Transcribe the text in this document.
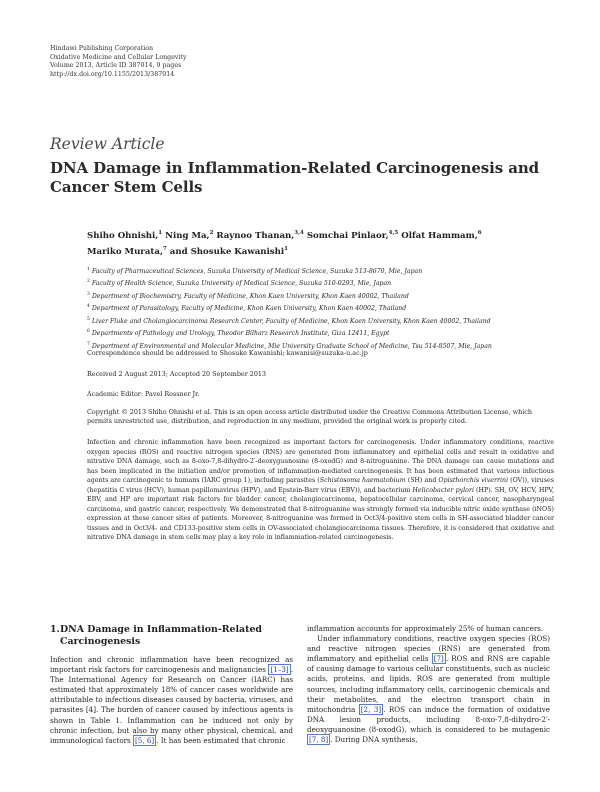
Hindawi Publishing Corporation
Oxidative Medicine and Cellular Longevity
Volume 2013, Article ID 387014, 9 pages
http://dx.doi.org/10.1155/2013/387014
Review Article
DNA Damage in Inflammation-Related Carcinogenesis and Cancer Stem Cells
Shiho Ohnishi,$^1$ Ning Ma,$^2$ Raynoo Thanan,$^{3,4}$ Somchai Pinlaor,$^{4,5}$ Olfat Hammam,$^6$
Mariko Murata,$^7$ and Shosuke Kawanishi$^1$
$^1$ Faculty of Pharmaceutical Sciences, Suzuka University of Medical Science, Suzuka 513-8670, Mie, Japan
$^2$ Faculty of Health Science, Suzuka University of Medical Science, Suzuka 510-0293, Mie, Japan
$^3$ Department of Biochemistry, Faculty of Medicine, Khon Kaen University, Khon Kaen 40002, Thailand
$^4$ Department of Parasitology, Faculty of Medicine, Khon Kaen University, Khon Kaen 40002, Thailand
$^5$ Liver Fluke and Cholangiocarcinoma Research Center, Faculty of Medicine, Khon Kaen University, Khon Kaen 40002, Thailand
$^6$ Departments of Pathology and Urology, Theodor Bilharz Research Institute, Giza 12411, Egypt
$^7$ Department of Environmental and Molecular Medicine, Mie University Graduate School of Medicine, Tsu 514-8507, Mie, Japan
Correspondence should be addressed to Shosuke Kawanishi; kawanisi@suzuka-u.ac.jp
Received 2 August 2013; Accepted 20 September 2013
Academic Editor: Pavel Rossner Jr.
Copyright © 2013 Shiho Ohnishi et al. This is an open access article distributed under the Creative Commons Attribution License, which permits unrestricted use, distribution, and reproduction in any medium, provided the original work is properly cited.
Infection and chronic inflammation have been recognized as important factors for carcinogenesis. Under inflammatory conditions, reactive oxygen species (ROS) and reactive nitrogen species (RNS) are generated from inflammatory and epithelial cells and result in oxidative and nitrative DNA damage, such as 8-oxo-7,8-dihydro-2′-deoxyguanosine (8-oxodG) and 8-nitroguanine. The DNA damage can cause mutations and has been implicated in the initiation and/or promotion of inflammation-mediated carcinogenesis. It has been estimated that various infectious agents are carcinogenic to humans (IARC group 1), including parasites (Schistosoma haematobium (SH) and Opisthorchis viverrini (OV)), viruses (hepatitis C virus (HCV), human papillomavirus (HPV), and Epstein-Barr virus (EBV)), and bacterium Helicobacter pylori (HP). SH, OV, HCV, HPV, EBV, and HP are important risk factors for bladder cancer, cholangiocarcinoma, hepatocellular carcinoma, cervical cancer, nasopharyngeal carcinoma, and gastric cancer, respectively. We demonstrated that 8-nitroguanine was strongly formed via inducible nitric oxide synthase (iNOS) expression at these cancer sites of patients. Moreover, 8-nitroguanine was formed in Oct3/4-positive stem cells in SH-associated bladder cancer tissues and in Oct3/4- and CD133-positive stem cells in OV-associated cholangiocarcinoma tissues. Therefore, it is considered that oxidative and nitrative DNA damage in stem cells may play a key role in inflammation-related carcinogenesis.
1.DNA Damage in Inflammation-Related
Carcinogenesis

Infection and chronic inflammation have been recognized as important risk factors for carcinogenesis and malignancies [1–3] . The International Agency for Research on Cancer (IARC) has estimated that approximately 18% of cancer cases worldwide are attributable to infectious diseases caused by bacteria, viruses, and parasites [4]. The burden of cancer caused by infectious agents is shown in Table 1. Inflammation can be induced not only by chronic infection, but also by many other physical, chemical, and immunological factors [5, 6] . It has been estimated that chronic

inflammation accounts for approximately 25% of human cancers.

Under inflammatory conditions, reactive oxygen species (ROS) and reactive nitrogen species (RNS) are generated from inflammatory and epithelial cells [7] . ROS and RNS are capable of causing damage to various cellular constituents, such as nucleic acids, proteins, and lipids. ROS are generated from multiple sources, including inflammatory cells, carcinogenic chemicals and their metabolites, and the electron transport chain in mitochondria [2, 3] . ROS can induce the formation of oxidative DNA lesion products, including 8-oxo-7,8-dihydro-2′-deoxyguanosine (8-oxodG), which is considered to be mutagenic [7, 8] . During DNA synthesis,
